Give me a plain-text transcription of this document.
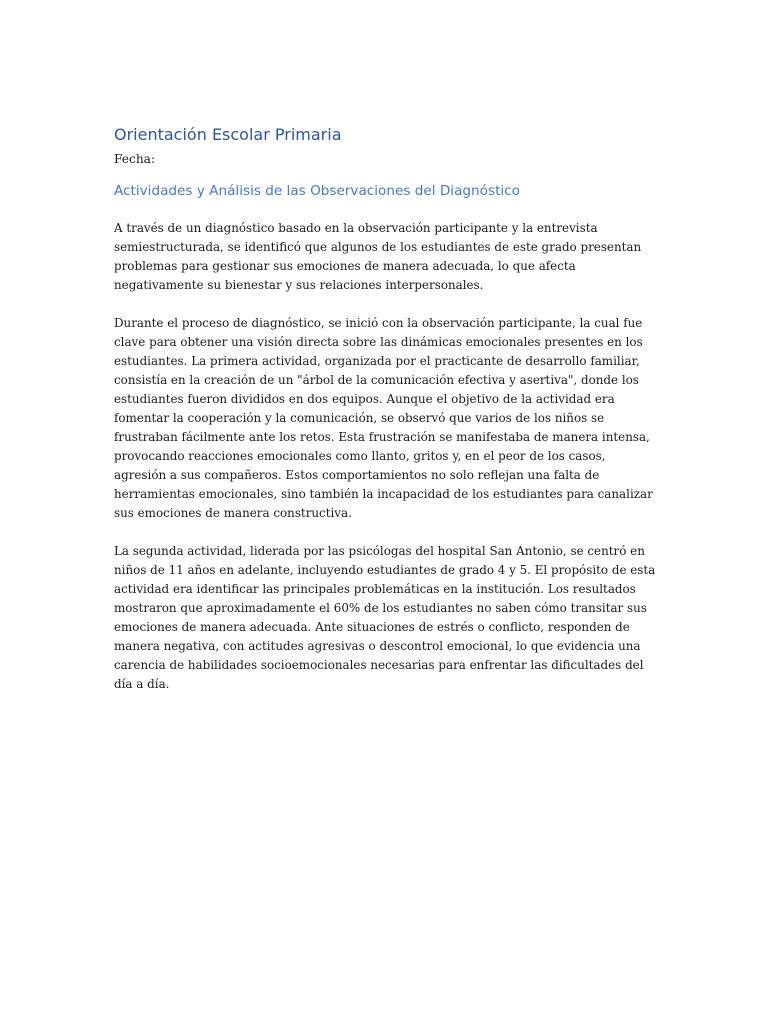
Orientación Escolar Primaria

Fecha:

Actividades y Análisis de las Observaciones del Diagnóstico

A través de un diagnóstico basado en la observación participante y la entrevista semiestructurada, se identificó que algunos de los estudiantes de este grado presentan problemas para gestionar sus emociones de manera adecuada, lo que afecta negativamente su bienestar y sus relaciones interpersonales.

Durante el proceso de diagnóstico, se inició con la observación participante, la cual fue clave para obtener una visión directa sobre las dinámicas emocionales presentes en los estudiantes. La primera actividad, organizada por el practicante de desarrollo familiar, consistía en la creación de un "árbol de la comunicación efectiva y asertiva", donde los estudiantes fueron divididos en dos equipos. Aunque el objetivo de la actividad era fomentar la cooperación y la comunicación, se observó que varios de los niños se frustraban fácilmente ante los retos. Esta frustración se manifestaba de manera intensa, provocando reacciones emocionales como llanto, gritos y, en el peor de los casos, agresión a sus compañeros. Estos comportamientos no solo reflejan una falta de herramientas emocionales, sino también la incapacidad de los estudiantes para canalizar sus emociones de manera constructiva.

La segunda actividad, liderada por las psicólogas del hospital San Antonio, se centró en niños de 11 años en adelante, incluyendo estudiantes de grado 4 y 5. El propósito de esta actividad era identificar las principales problemáticas en la institución. Los resultados mostraron que aproximadamente el 60% de los estudiantes no saben cómo transitar sus emociones de manera adecuada. Ante situaciones de estrés o conflicto, responden de manera negativa, con actitudes agresivas o descontrol emocional, lo que evidencia una carencia de habilidades socioemocionales necesarias para enfrentar las dificultades del día a día.
